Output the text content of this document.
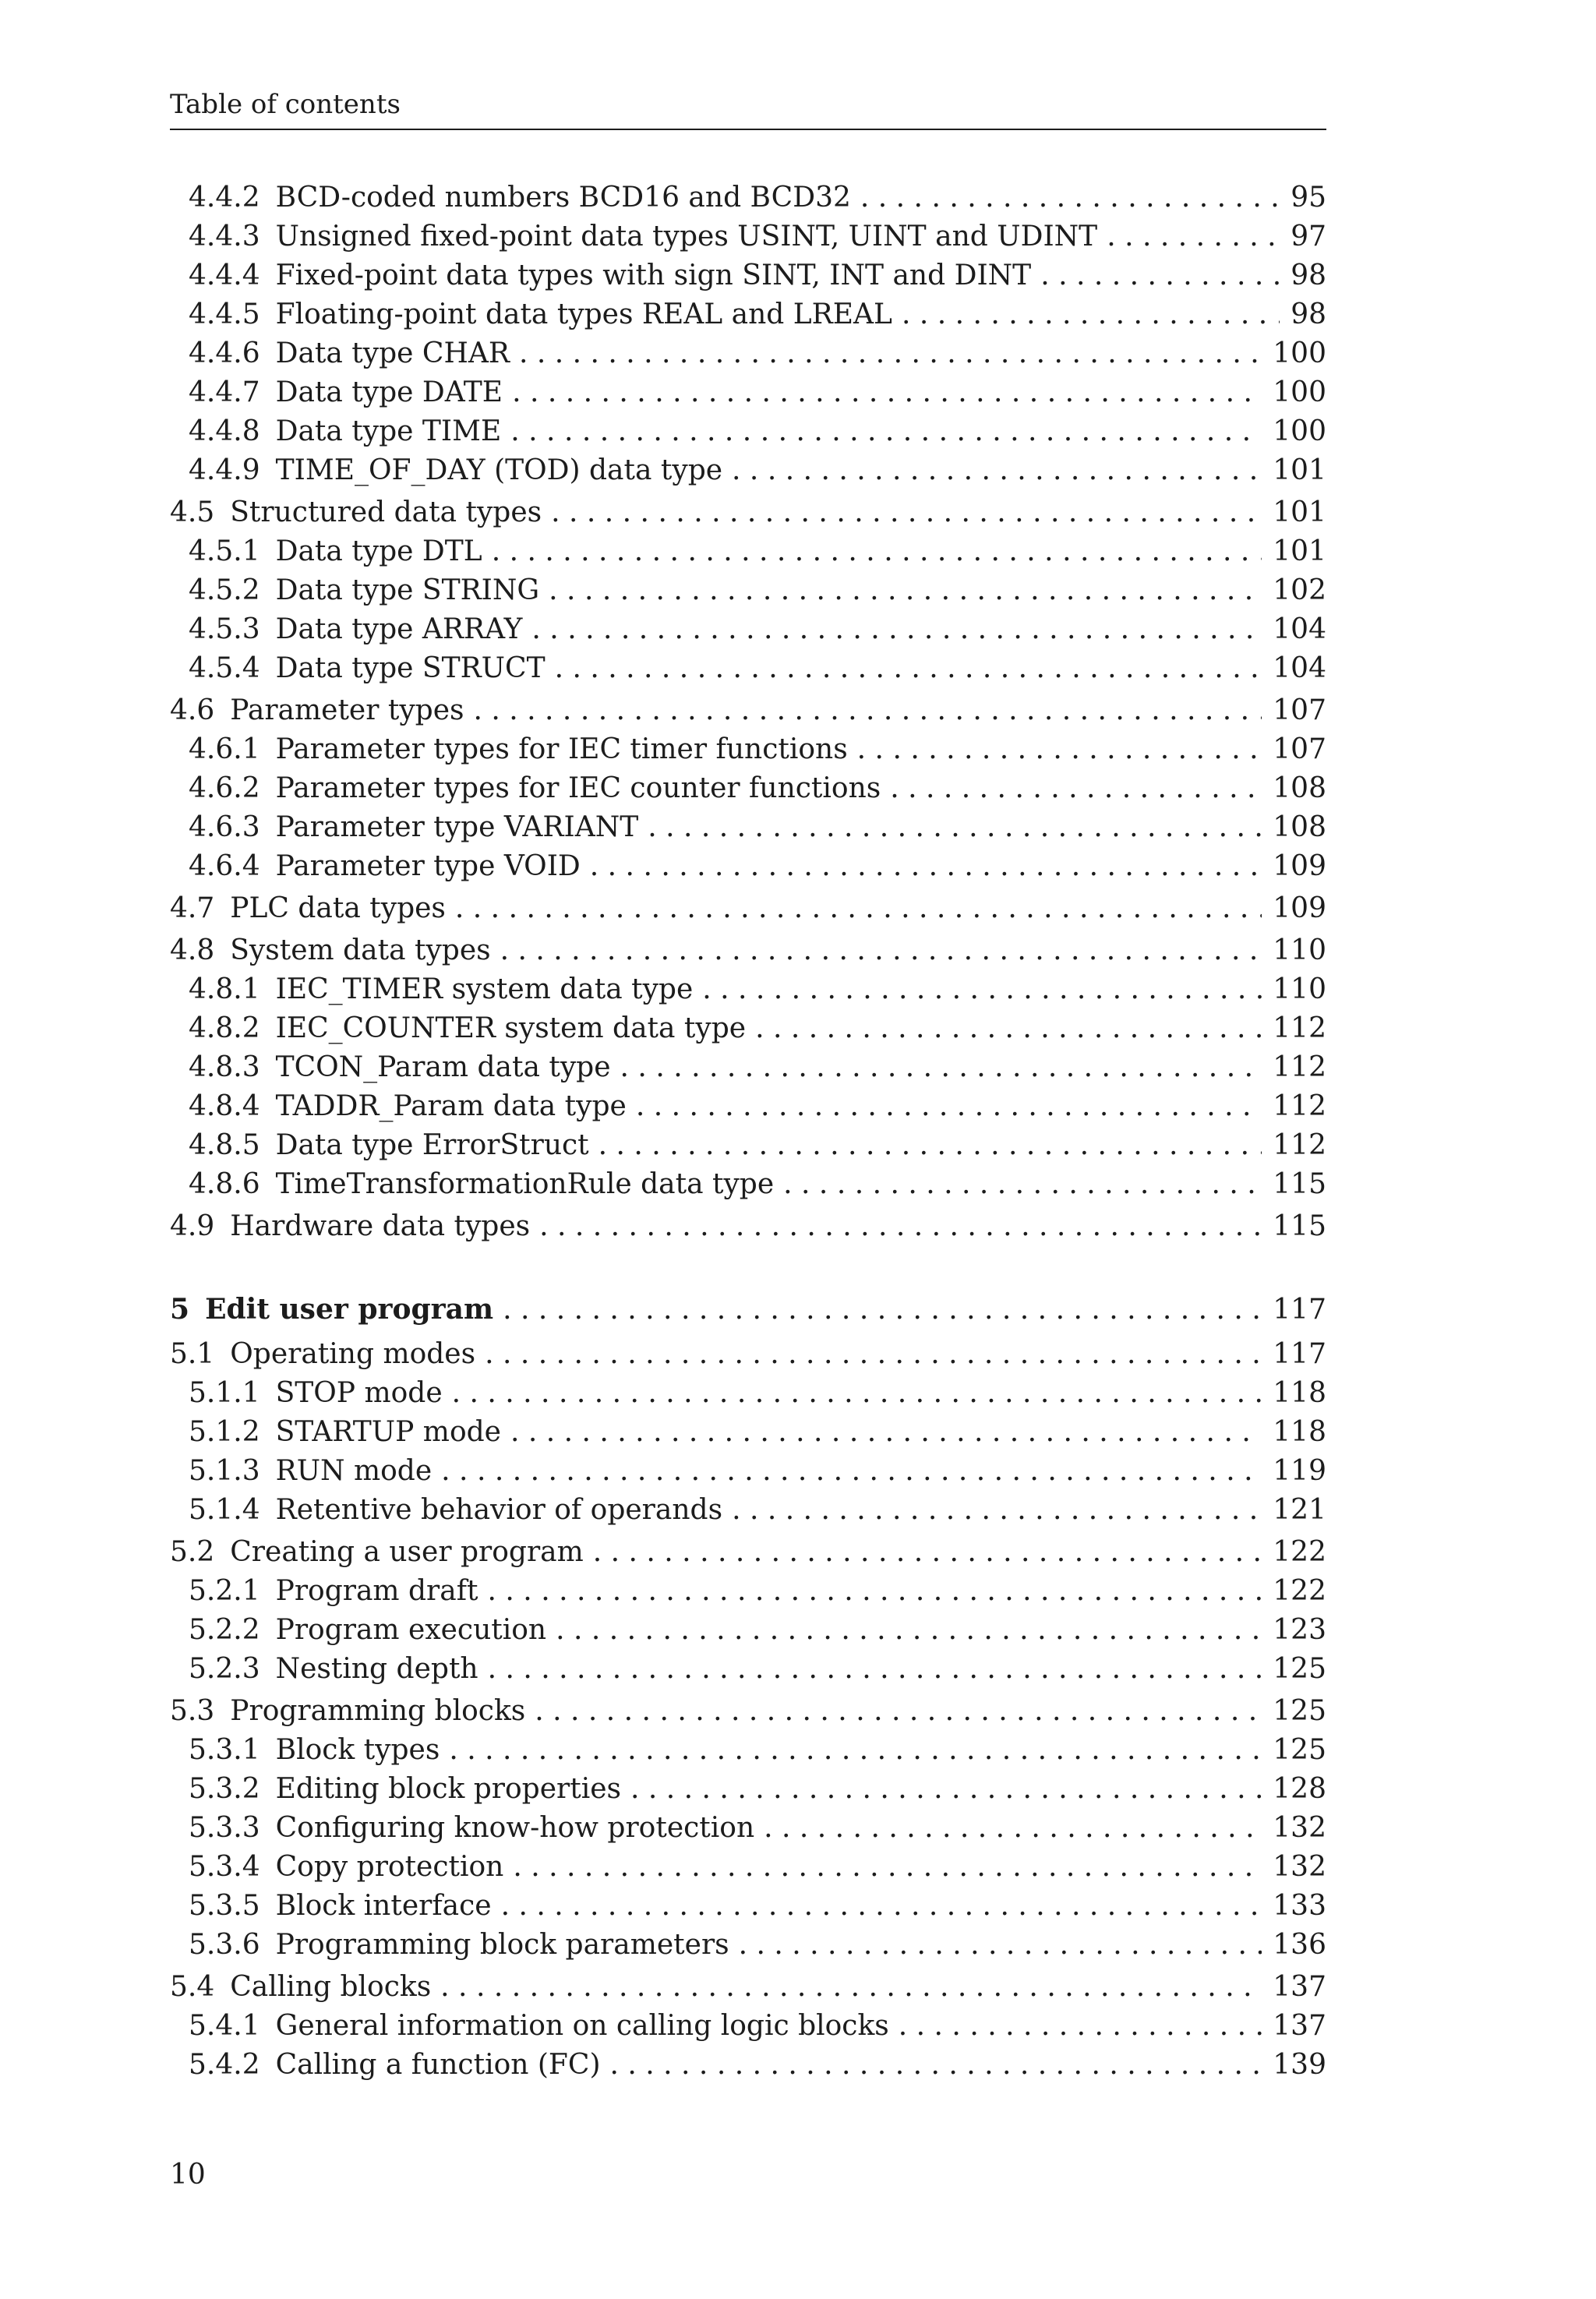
Table of contents
4.4.2 BCD-coded numbers BCD16 and BCD32 . . .	95
4.4.3 Unsigned fixed-point data types USINT, UINT and UDINT . . .	97
4.4.4 Fixed-point data types with sign SINT, INT and DINT . . .	98
4.4.5 Floating-point data types REAL and LREAL . . .	98
4.4.6 Data type CHAR . . .	100
4.4.7 Data type DATE . . .	100
4.4.8 Data type TIME . . .	100
4.4.9 TIME_OF_DAY (TOD) data type . . .	101
4.5 Structured data types . . .	101
4.5.1 Data type DTL . . .	101
4.5.2 Data type STRING . . .	102
4.5.3 Data type ARRAY . . .	104
4.5.4 Data type STRUCT . . .	104
4.6 Parameter types . . .	107
4.6.1 Parameter types for IEC timer functions . . .	107
4.6.2 Parameter types for IEC counter functions . . .	108
4.6.3 Parameter type VARIANT . . .	108
4.6.4 Parameter type VOID . . .	109
4.7 PLC data types . . .	109
4.8 System data types . . .	110
4.8.1 IEC_TIMER system data type . . .	110
4.8.2 IEC_COUNTER system data type . . .	112
4.8.3 TCON_Param data type . . .	112
4.8.4 TADDR_Param data type . . .	112
4.8.5 Data type ErrorStruct . . .	112
4.8.6 TimeTransformationRule data type . . .	115
4.9 Hardware data types . . .	115
5 Edit user program . . .	117
5.1 Operating modes . . .	117
5.1.1 STOP mode . . .	118
5.1.2 STARTUP mode . . .	118
5.1.3 RUN mode . . .	119
5.1.4 Retentive behavior of operands . . .	121
5.2 Creating a user program . . .	122
5.2.1 Program draft . . .	122
5.2.2 Program execution . . .	123
5.2.3 Nesting depth . . .	125
5.3 Programming blocks . . .	125
5.3.1 Block types . . .	125
5.3.2 Editing block properties . . .	128
5.3.3 Configuring know-how protection . . .	132
5.3.4 Copy protection . . .	132
5.3.5 Block interface . . .	133
5.3.6 Programming block parameters . . .	136
5.4 Calling blocks . . .	137
5.4.1 General information on calling logic blocks . . .	137
5.4.2 Calling a function (FC) . . .	139
10
